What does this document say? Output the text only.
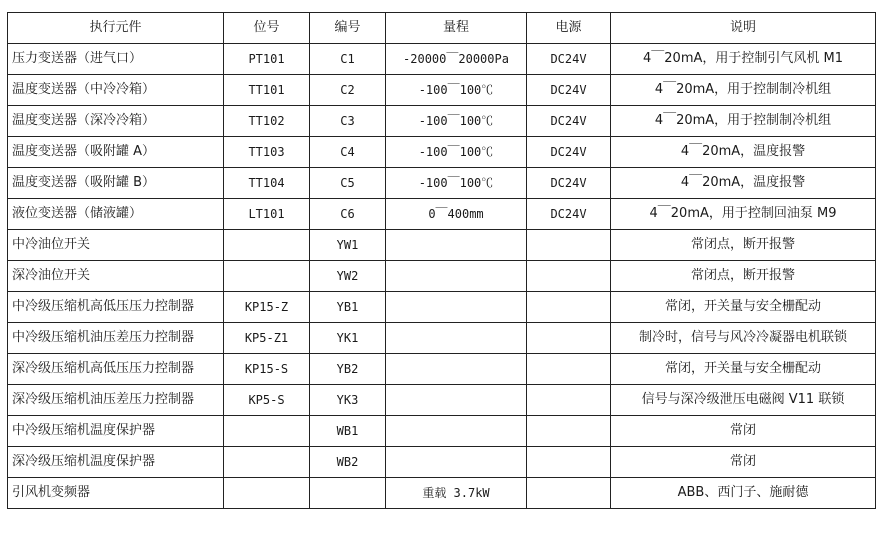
执行元件	位号	编号	量程	电源	说明
压力变送器（进气口）	PT101	C1	-20000￣20000Pa	DC24V	4￣20mA，用于控制引气风机 M1
温度变送器（中冷冷箱）	TT101	C2	-100￣100℃	DC24V	4￣20mA，用于控制制冷机组
温度变送器（深冷冷箱）	TT102	C3	-100￣100℃	DC24V	4￣20mA，用于控制制冷机组
温度变送器（吸附罐 A）	TT103	C4	-100￣100℃	DC24V	4￣20mA，温度报警
温度变送器（吸附罐 B）	TT104	C5	-100￣100℃	DC24V	4￣20mA，温度报警
液位变送器（储液罐）	LT101	C6	0￣400mm	DC24V	4￣20mA，用于控制回油泵 M9
中冷油位开关		YW1			常闭点，断开报警
深冷油位开关		YW2			常闭点，断开报警
中冷级压缩机高低压压力控制器	KP15-Z	YB1			常闭，开关量与安全栅配动
中冷级压缩机油压差压力控制器	KP5-Z1	YK1			制冷时，信号与风冷冷凝器电机联锁
深冷级压缩机高低压压力控制器	KP15-S	YB2			常闭，开关量与安全栅配动
深冷级压缩机油压差压力控制器	KP5-S	YK3			信号与深冷级泄压电磁阀 V11 联锁
中冷级压缩机温度保护器		WB1			常闭
深冷级压缩机温度保护器		WB2			常闭
引风机变频器			重载 3.7kW		ABB、西门子、施耐德
